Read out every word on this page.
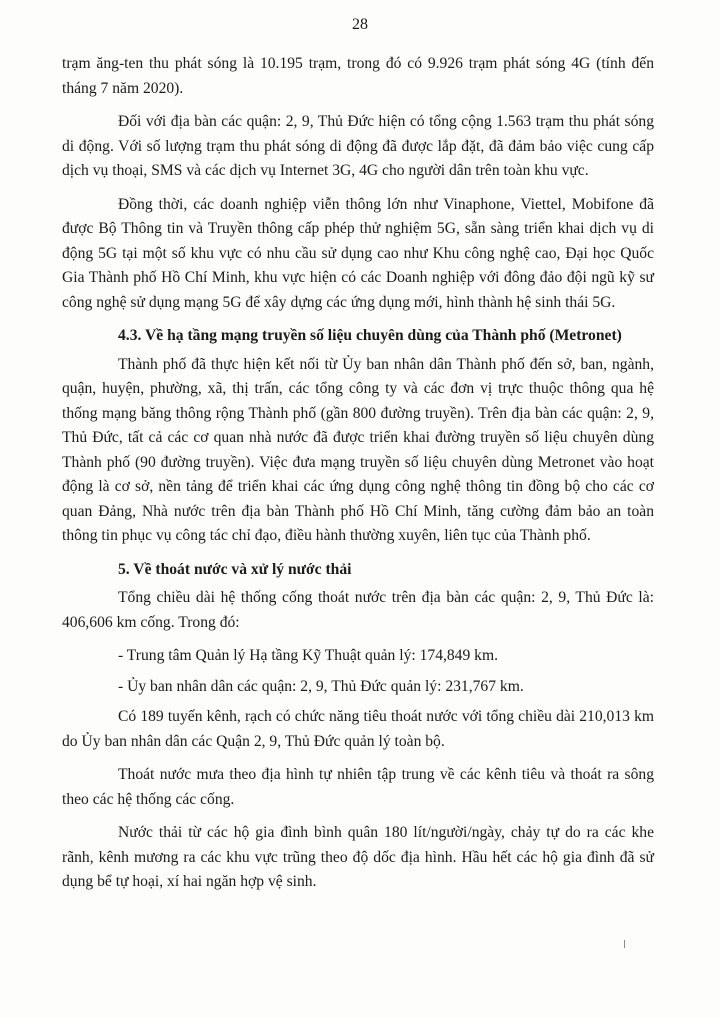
28

trạm ăng-ten thu phát sóng là 10.195 trạm, trong đó có 9.926 trạm phát sóng 4G (tính đến tháng 7 năm 2020).

Đối với địa bàn các quận: 2, 9, Thủ Đức hiện có tổng cộng 1.563 trạm thu phát sóng di động. Với số lượng trạm thu phát sóng di động đã được lắp đặt, đã đảm bảo việc cung cấp dịch vụ thoại, SMS và các dịch vụ Internet 3G, 4G cho người dân trên toàn khu vực.

Đồng thời, các doanh nghiệp viễn thông lớn như Vinaphone, Viettel, Mobifone đã được Bộ Thông tin và Truyền thông cấp phép thử nghiệm 5G, sẵn sàng triển khai dịch vụ di động 5G tại một số khu vực có nhu cầu sử dụng cao như Khu công nghệ cao, Đại học Quốc Gia Thành phố Hồ Chí Minh, khu vực hiện có các Doanh nghiệp với đông đảo đội ngũ kỹ sư công nghệ sử dụng mạng 5G để xây dựng các ứng dụng mới, hình thành hệ sinh thái 5G.

4.3. Về hạ tầng mạng truyền số liệu chuyên dùng của Thành phố (Metronet)

Thành phố đã thực hiện kết nối từ Ủy ban nhân dân Thành phố đến sở, ban, ngành, quận, huyện, phường, xã, thị trấn, các tổng công ty và các đơn vị trực thuộc thông qua hệ thống mạng băng thông rộng Thành phố (gần 800 đường truyền). Trên địa bàn các quận: 2, 9, Thủ Đức, tất cả các cơ quan nhà nước đã được triển khai đường truyền số liệu chuyên dùng Thành phố (90 đường truyền). Việc đưa mạng truyền số liệu chuyên dùng Metronet vào hoạt động là cơ sở, nền tảng để triển khai các ứng dụng công nghệ thông tin đồng bộ cho các cơ quan Đảng, Nhà nước trên địa bàn Thành phố Hồ Chí Minh, tăng cường đảm bảo an toàn thông tin phục vụ công tác chỉ đạo, điều hành thường xuyên, liên tục của Thành phố.

5. Về thoát nước và xử lý nước thải

Tổng chiều dài hệ thống cống thoát nước trên địa bàn các quận: 2, 9, Thủ Đức là: 406,606 km cống. Trong đó:

- Trung tâm Quản lý Hạ tầng Kỹ Thuật quản lý: 174,849 km.

- Ủy ban nhân dân các quận: 2, 9, Thủ Đức quản lý: 231,767 km.

Có 189 tuyến kênh, rạch có chức năng tiêu thoát nước với tổng chiều dài 210,013 km do Ủy ban nhân dân các Quận 2, 9, Thủ Đức quản lý toàn bộ.

Thoát nước mưa theo địa hình tự nhiên tập trung về các kênh tiêu và thoát ra sông theo các hệ thống các cống.

Nước thải từ các hộ gia đình bình quân 180 lít/người/ngày, chảy tự do ra các khe rãnh, kênh mương ra các khu vực trũng theo độ dốc địa hình. Hầu hết các hộ gia đình đã sử dụng bể tự hoại, xí hai ngăn hợp vệ sinh.
